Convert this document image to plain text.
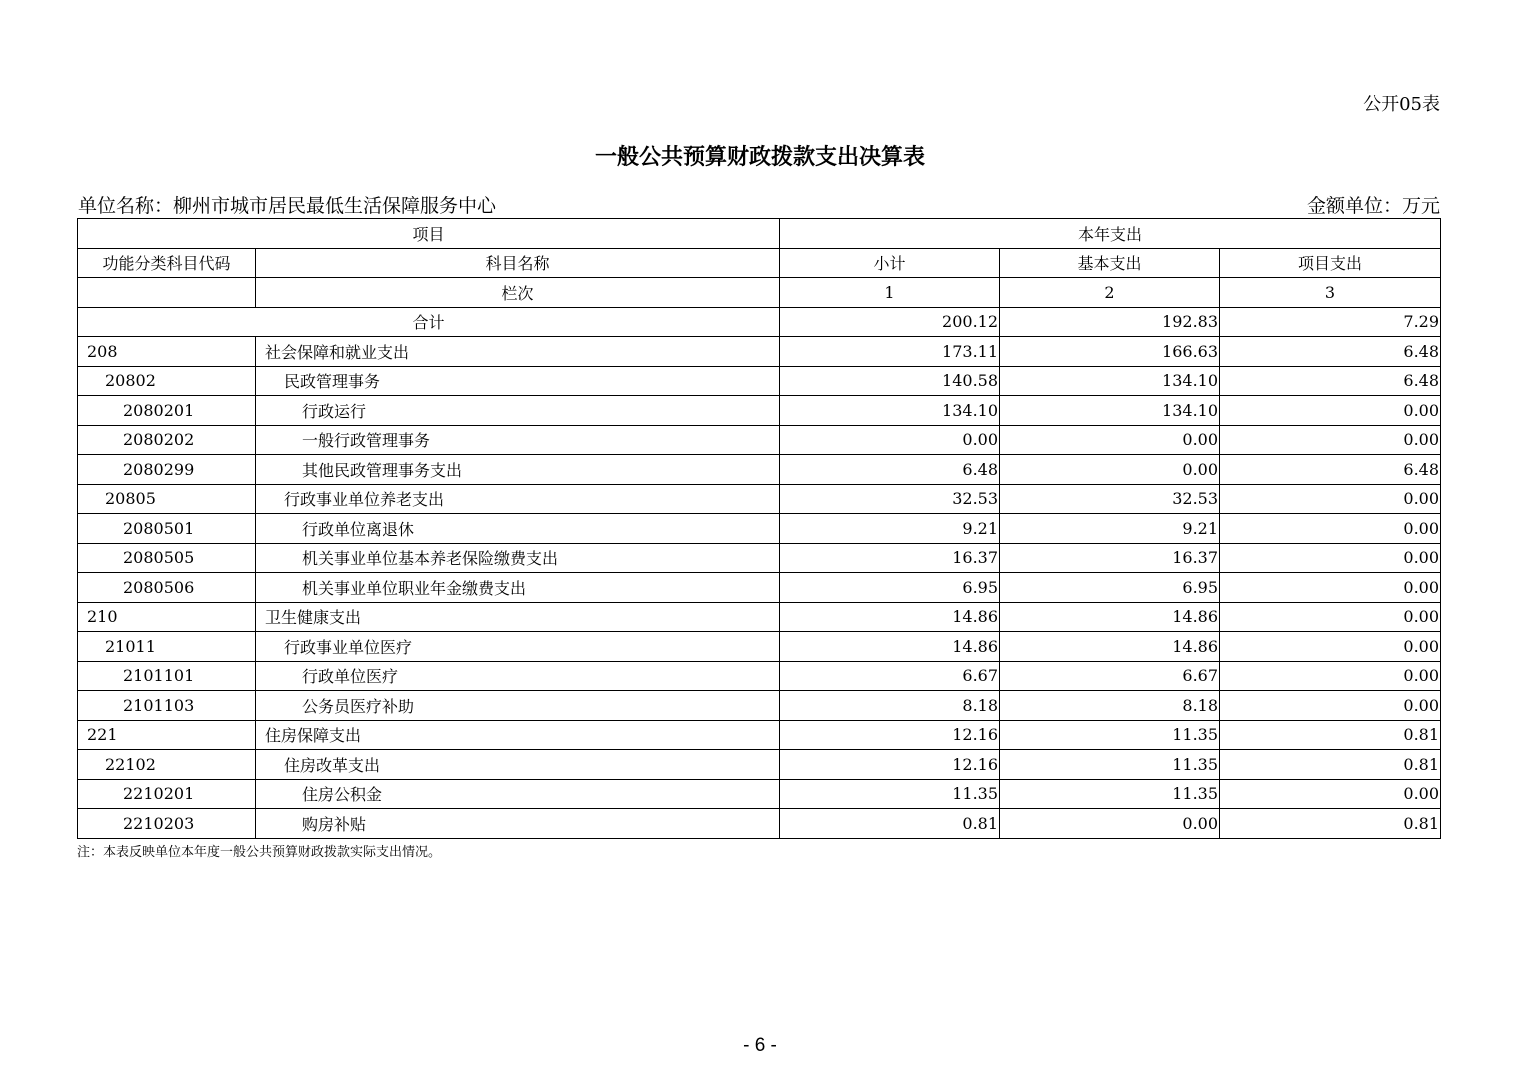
公开05表
一般公共预算财政拨款支出决算表
单位名称：柳州市城市居民最低生活保障服务中心	金额单位：万元
项目		本年支出		
功能分类科目代码	科目名称	小计	基本支出	项目支出
	栏次	1	2	3
合计		200.12	192.83	7.29
208	社会保障和就业支出	173.11	166.63	6.48
20802	民政管理事务	140.58	134.10	6.48
2080201	行政运行	134.10	134.10	0.00
2080202	一般行政管理事务	0.00	0.00	0.00
2080299	其他民政管理事务支出	6.48	0.00	6.48
20805	行政事业单位养老支出	32.53	32.53	0.00
2080501	行政单位离退休	9.21	9.21	0.00
2080505	机关事业单位基本养老保险缴费支出	16.37	16.37	0.00
2080506	机关事业单位职业年金缴费支出	6.95	6.95	0.00
210	卫生健康支出	14.86	14.86	0.00
21011	行政事业单位医疗	14.86	14.86	0.00
2101101	行政单位医疗	6.67	6.67	0.00
2101103	公务员医疗补助	8.18	8.18	0.00
221	住房保障支出	12.16	11.35	0.81
22102	住房改革支出	12.16	11.35	0.81
2210201	住房公积金	11.35	11.35	0.00
2210203	购房补贴	0.81	0.00	0.81
注：本表反映单位本年度一般公共预算财政拨款实际支出情况。
- 6 -
